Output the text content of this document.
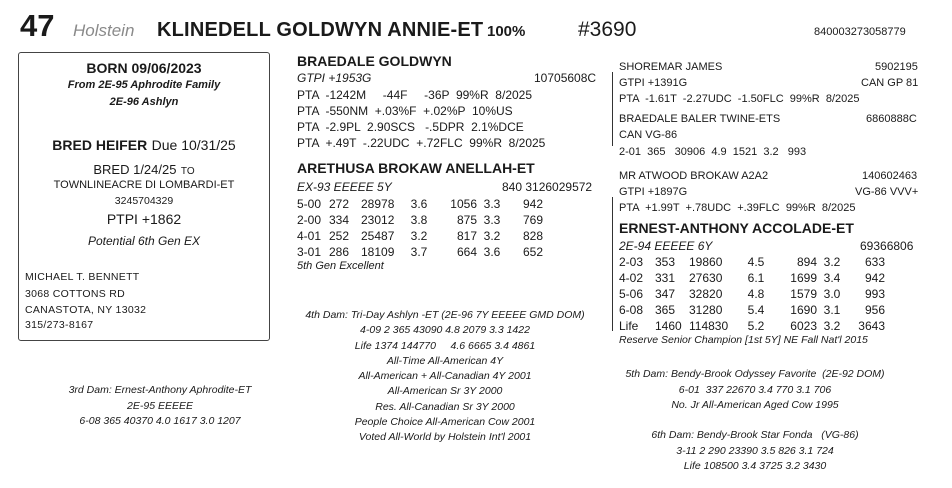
47 Holstein KLINEDELL GOLDWYN ANNIE-ET 100%	#3690	840003273058779
BORN 09/06/2023
From 2E-95 Aphrodite Family
2E-96 Ashlyn
BRED HEIFER Due 10/31/25
BRED 1/24/25 TO
TOWNLINEACRE DI LOMBARDI-ET
3245704329
PTPI +1862
Potential 6th Gen EX
MICHAEL T. BENNETT
3068 COTTONS RD
CANASTOTA, NY 13032
315/273-8167
BRAEDALE GOLDWYN
GTPI +1953G	10705608C
PTA  -1242M     -44F     -36P  99%R  8/2025
PTA  -550NM  +.03%F  +.02%P  10%US
PTA  -2.9PL  2.90SCS   -.5DPR  2.1%DCE
PTA  +.49T  -.22UDC  +.72FLC  99%R  8/2025
ARETHUSA BROKAW ANELLAH-ET
EX-93 EEEEE 5Y	840 3126029572
5-00 272 28978 3.6 1056 3.3 942
2-00 334 23012 3.8 875 3.3 769
4-01 252 25487 3.2 817 3.2 828
3-01 286 18109 3.7 664 3.6 652
5th Gen Excellent
SHOREMAR JAMES	5902195
GTPI +1391G	CAN GP 81
PTA  -1.61T  -2.27UDC  -1.50FLC  99%R  8/2025
BRAEDALE BALER TWINE-ETS	6860888C
CAN VG-86
2-01  365   30906  4.9  1521  3.2   993
MR ATWOOD BROKAW A2A2	140602463
GTPI +1897G	VG-86 VVV+
PTA  +1.99T  +.78UDC  +.39FLC  99%R  8/2025
ERNEST-ANTHONY ACCOLADE-ET
2E-94 EEEEE 6Y	69366806
2-03 353 19860 4.5	894 3.2 633
4-02 331 27630 6.1 1699 3.4 942
5-06 347 32820 4.8 1579 3.0 993
6-08 365 31280 5.4 1690 3.1 956
Life 1460 114830 5.2 6023 3.2 3643
Reserve Senior Champion [1st 5Y] NE Fall Nat'l 2015
4th Dam: Tri-Day Ashlyn -ET (2E-96 7Y EEEEE GMD DOM)
4-09 2 365 43090 4.8 2079 3.3 1422
Life 1374 144770     4.6 6665 3.4 4861
All-Time All-American 4Y
All-American + All-Canadian 4Y 2001
All-American Sr 3Y 2000
Res. All-Canadian Sr 3Y 2000
People Choice All-American Cow 2001
Voted All-World by Holstein Int'l 2001
3rd Dam: Ernest-Anthony Aphrodite-ET
2E-95 EEEEE
6-08 365 40370 4.0 1617 3.0 1207
5th Dam: Bendy-Brook Odyssey Favorite  (2E-92 DOM)
6-01  337 22670 3.4 770 3.1 706
No. Jr All-American Aged Cow 1995
6th Dam: Bendy-Brook Star Fonda   (VG-86)
3-11 2 290 23390 3.5 826 3.1 724
Life 108500 3.4 3725 3.2 3430
